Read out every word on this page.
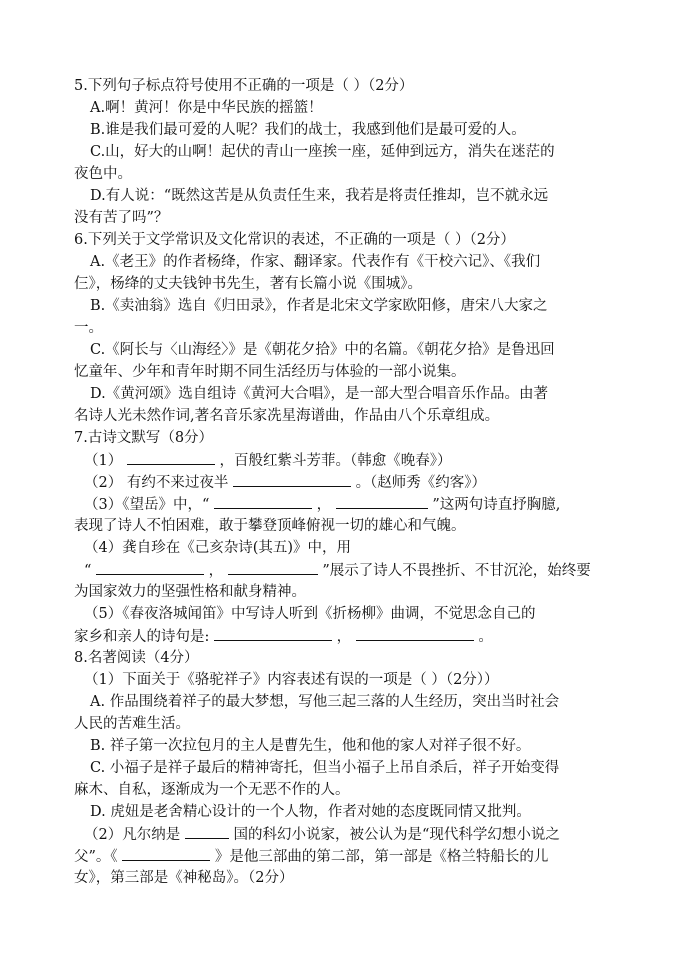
5.下列句子标点符号使用不正确的一项是（ ）（2分）
A.啊！黄河！你是中华民族的摇篮！
B.谁是我们最可爱的人呢？我们的战士，我感到他们是最可爱的人。
C.山，好大的山啊！起伏的青山一座挨一座，延伸到远方，消失在迷茫的
夜色中。
D.有人说：“既然这苦是从负责任生来，我若是将责任推却，岂不就永远
没有苦了吗”？
6.下列关于文学常识及文化常识的表述，不正确的一项是（ ）（2分）
A.《老王》的作者杨绛，作家、翻译家。代表作有《干校六记》、《我们
仨》，杨绛的丈夫钱钟书先生，著有长篇小说《围城》。
B.《卖油翁》选自《归田录》，作者是北宋文学家欧阳修，唐宋八大家之
一。
C.《阿长与〈山海经〉》是《朝花夕拾》中的名篇。《朝花夕拾》是鲁迅回
忆童年、少年和青年时期不同生活经历与体验的一部小说集。
D.《黄河颂》选自组诗《黄河大合唱》，是一部大型合唱音乐作品。由著
名诗人光未然作词,著名音乐家冼星海谱曲，作品由八个乐章组成。
7.古诗文默写（8分）
（1）	，百般红紫斗芳菲。（韩愈《晚春》）
（2） 有约不来过夜半	。（赵师秀《约客》）
（3）《望岳》中，“	，	”这两句诗直抒胸臆,
表现了诗人不怕困难，敢于攀登顶峰俯视一切的雄心和气魄。
（4）龚自珍在《己亥杂诗(其五)》中，用
“	，	”展示了诗人不畏挫折、不甘沉沦，始终要
为国家效力的坚强性格和献身精神。
（5）《春夜洛城闻笛》中写诗人听到《折杨柳》曲调，不觉思念自己的
家乡和亲人的诗句是:	，	。
8.名著阅读（4分）
（1）下面关于《骆驼祥子》内容表述有误的一项是（ ）（2分））
A. 作品围绕着祥子的最大梦想，写他三起三落的人生经历，突出当时社会
人民的苦难生活。
B. 祥子第一次拉包月的主人是曹先生，他和他的家人对祥子很不好。
C. 小福子是祥子最后的精神寄托，但当小福子上吊自杀后，祥子开始变得
麻木、自私，逐渐成为一个无恶不作的人。
D. 虎妞是老舍精心设计的一个人物，作者对她的态度既同情又批判。
（2）凡尔纳是	国的科幻小说家，被公认为是“现代科学幻想小说之
父”。《	》是他三部曲的第二部，第一部是《格兰特船长的儿
女》，第三部是《神秘岛》。（2分）
